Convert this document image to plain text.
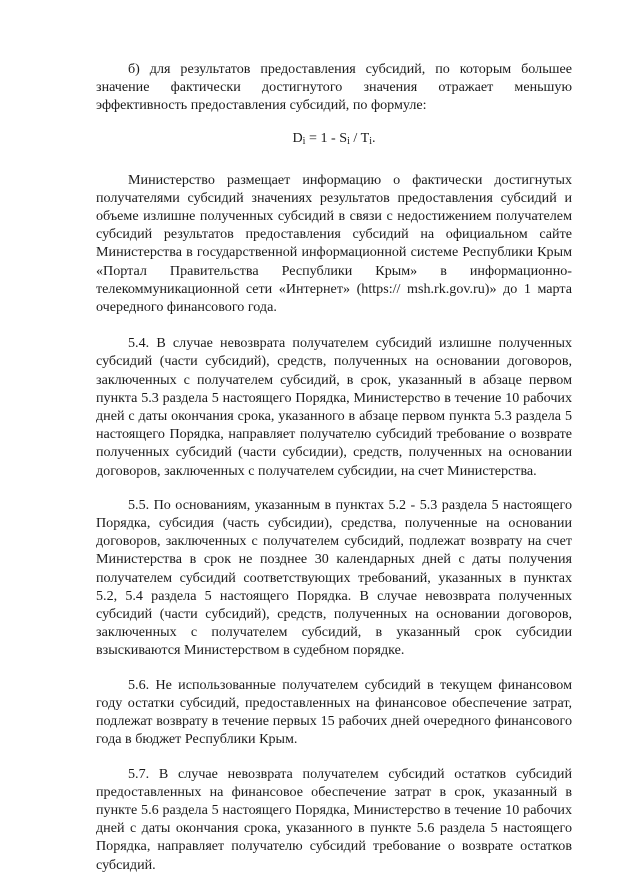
б) для результатов предоставления субсидий, по которым большее значение фактически достигнутого значения отражает меньшую эффективность предоставления субсидий, по формуле:

$D_i = 1 - S_i / T_i$.

Министерство размещает информацию о фактически достигнутых получателями субсидий значениях результатов предоставления субсидий и объеме излишне полученных субсидий в связи с недостижением получателем субсидий результатов предоставления субсидий на официальном сайте Министерства в государственной информационной системе Республики Крым «Портал Правительства Республики Крым» в информационно-телекоммуникационной сети «Интернет» (https:// msh.rk.gov.ru)» до 1 марта очередного финансового года.

5.4. В случае невозврата получателем субсидий излишне полученных субсидий (части субсидий), средств, полученных на основании договоров, заключенных с получателем субсидий, в срок, указанный в абзаце первом пункта 5.3 раздела 5 настоящего Порядка, Министерство в течение 10 рабочих дней с даты окончания срока, указанного в абзаце первом пункта 5.3 раздела 5 настоящего Порядка, направляет получателю субсидий требование о возврате полученных субсидий (части субсидии), средств, полученных на основании договоров, заключенных с получателем субсидии, на счет Министерства.

5.5. По основаниям, указанным в пунктах 5.2 - 5.3 раздела 5 настоящего Порядка, субсидия (часть субсидии), средства, полученные на основании договоров, заключенных с получателем субсидий, подлежат возврату на счет Министерства в срок не позднее 30 календарных дней с даты получения получателем субсидий соответствующих требований, указанных в пунктах 5.2, 5.4 раздела 5 настоящего Порядка. В случае невозврата полученных субсидий (части субсидий), средств, полученных на основании договоров, заключенных с получателем субсидий, в указанный срок субсидии взыскиваются Министерством в судебном порядке.

5.6. Не использованные получателем субсидий в текущем финансовом году остатки субсидий, предоставленных на финансовое обеспечение затрат, подлежат возврату в течение первых 15 рабочих дней очередного финансового года в бюджет Республики Крым.

5.7. В случае невозврата получателем субсидий остатков субсидий предоставленных на финансовое обеспечение затрат в срок, указанный в пункте 5.6 раздела 5 настоящего Порядка, Министерство в течение 10 рабочих дней с даты окончания срока, указанного в пункте 5.6 раздела 5 настоящего Порядка, направляет получателю субсидий требование о возврате остатков субсидий.
